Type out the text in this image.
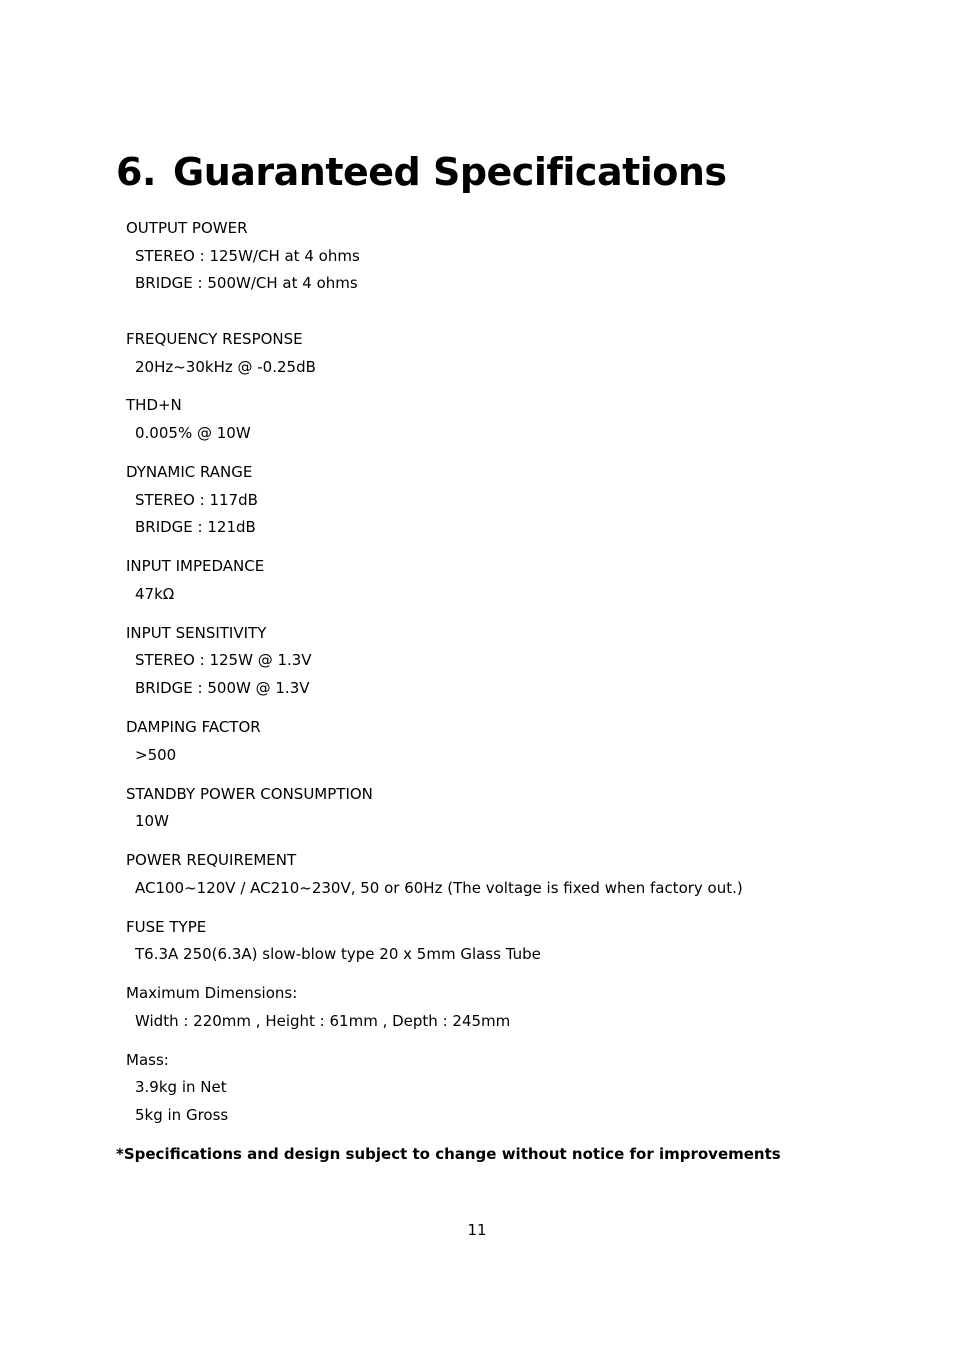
6. Guaranteed Specifications

OUTPUT POWER

STEREO : 125W/CH at 4 ohms

BRIDGE : 500W/CH at 4 ohms

FREQUENCY RESPONSE

20Hz~30kHz @ -0.25dB

THD+N

0.005% @ 10W

DYNAMIC RANGE

STEREO : 117dB

BRIDGE : 121dB

INPUT IMPEDANCE

47kΩ

INPUT SENSITIVITY

STEREO : 125W @ 1.3V

BRIDGE : 500W @ 1.3V

DAMPING FACTOR

>500

STANDBY POWER CONSUMPTION

10W

POWER REQUIREMENT

AC100~120V / AC210~230V, 50 or 60Hz (The voltage is fixed when factory out.)

FUSE TYPE

T6.3A 250(6.3A) slow-blow type 20 x 5mm Glass Tube

Maximum Dimensions:

Width : 220mm , Height : 61mm , Depth : 245mm

Mass:

3.9kg in Net

5kg in Gross

*Specifications and design subject to change without notice for improvements

11
